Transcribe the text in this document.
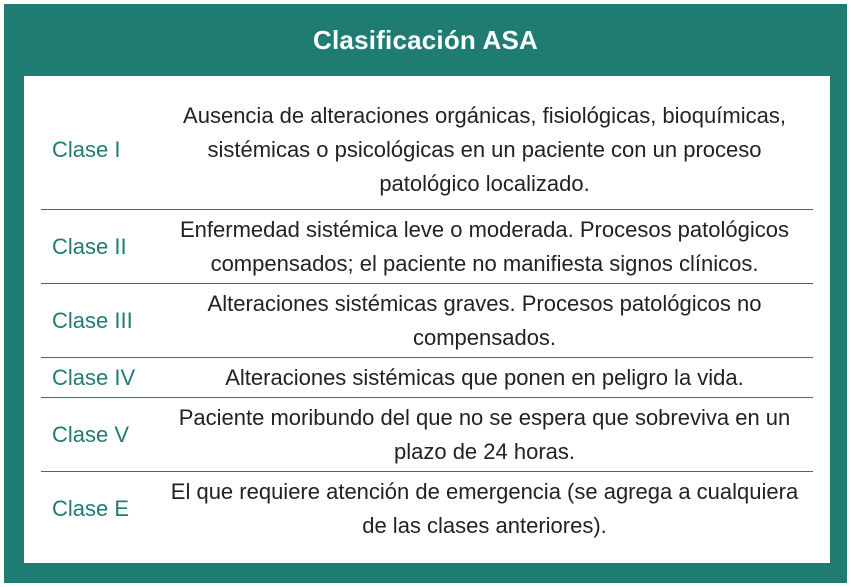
Clasificación ASA
Clase I
Ausencia de alteraciones orgánicas, fisiológicas, bioquímicas, sistémicas o psicológicas en un paciente con un proceso patológico localizado.
Clase II
Enfermedad sistémica leve o moderada. Procesos patológicos compensados; el paciente no manifiesta signos clínicos.
Clase III
Alteraciones sistémicas graves. Procesos patológicos no compensados.
Clase IV	Alteraciones sistémicas que ponen en peligro la vida.
Clase V
Paciente moribundo del que no se espera que sobreviva en un plazo de 24 horas.
Clase E
El que requiere atención de emergencia (se agrega a cualquiera de las clases anteriores).
